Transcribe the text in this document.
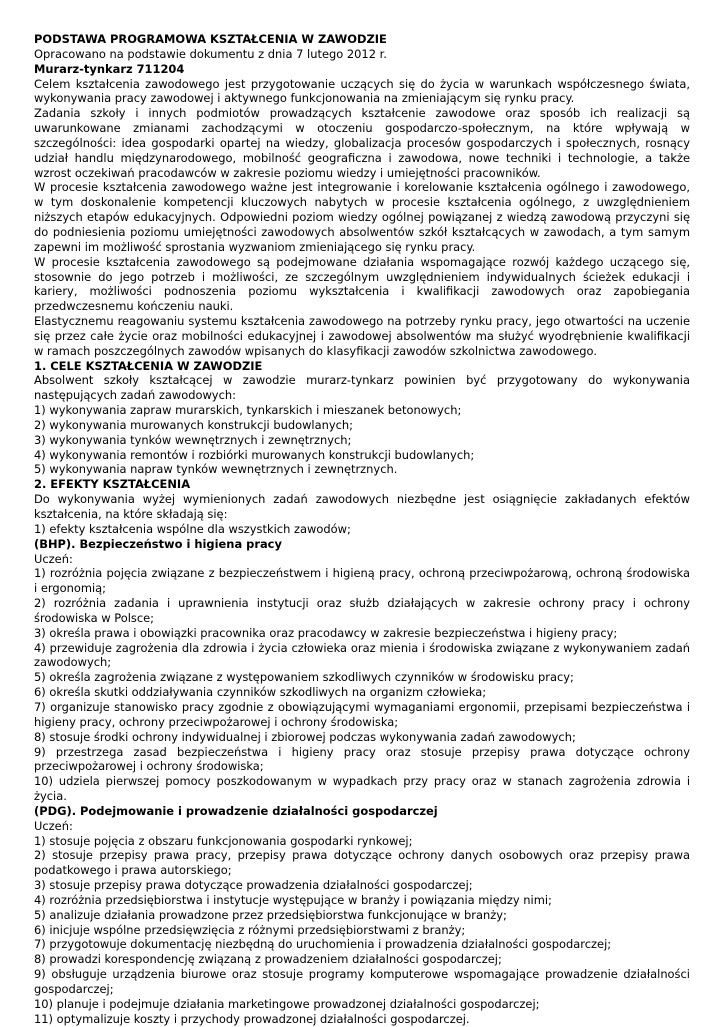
PODSTAWA PROGRAMOWA KSZTAŁCENIA W ZAWODZIE

Opracowano na podstawie dokumentu z dnia 7 lutego 2012 r.

Murarz-tynkarz 711204

Celem kształcenia zawodowego jest przygotowanie uczących się do życia w warunkach współczesnego świata, wykonywania pracy zawodowej i aktywnego funkcjonowania na zmieniającym się rynku pracy.

Zadania szkoły i innych podmiotów prowadzących kształcenie zawodowe oraz sposób ich realizacji są uwarunkowane zmianami zachodzącymi w otoczeniu gospodarczo-społecznym, na które wpływają w szczególności: idea gospodarki opartej na wiedzy, globalizacja procesów gospodarczych i społecznych, rosnący udział handlu międzynarodowego, mobilność geograficzna i zawodowa, nowe techniki i technologie, a także wzrost oczekiwań pracodawców w zakresie poziomu wiedzy i umiejętności pracowników.

W procesie kształcenia zawodowego ważne jest integrowanie i korelowanie kształcenia ogólnego i zawodowego, w tym doskonalenie kompetencji kluczowych nabytych w procesie kształcenia ogólnego, z uwzględnieniem niższych etapów edukacyjnych. Odpowiedni poziom wiedzy ogólnej powiązanej z wiedzą zawodową przyczyni się do podniesienia poziomu umiejętności zawodowych absolwentów szkół kształcących w zawodach, a tym samym zapewni im możliwość sprostania wyzwaniom zmieniającego się rynku pracy.

W procesie kształcenia zawodowego są podejmowane działania wspomagające rozwój każdego uczącego się, stosownie do jego potrzeb i możliwości, ze szczególnym uwzględnieniem indywidualnych ścieżek edukacji i kariery, możliwości podnoszenia poziomu wykształcenia i kwalifikacji zawodowych oraz zapobiegania przedwczesnemu kończeniu nauki.

Elastycznemu reagowaniu systemu kształcenia zawodowego na potrzeby rynku pracy, jego otwartości na uczenie się przez całe życie oraz mobilności edukacyjnej i zawodowej absolwentów ma służyć wyodrębnienie kwalifikacji w ramach poszczególnych zawodów wpisanych do klasyfikacji zawodów szkolnictwa zawodowego.

1. CELE KSZTAŁCENIA W ZAWODZIE

Absolwent szkoły kształcącej w zawodzie murarz-tynkarz powinien być przygotowany do wykonywania następujących zadań zawodowych:

1) wykonywania zapraw murarskich, tynkarskich i mieszanek betonowych;

2) wykonywania murowanych konstrukcji budowlanych;

3) wykonywania tynków wewnętrznych i zewnętrznych;

4) wykonywania remontów i rozbiórki murowanych konstrukcji budowlanych;

5) wykonywania napraw tynków wewnętrznych i zewnętrznych.

2. EFEKTY KSZTAŁCENIA

Do wykonywania wyżej wymienionych zadań zawodowych niezbędne jest osiągnięcie zakładanych efektów kształcenia, na które składają się:

1) efekty kształcenia wspólne dla wszystkich zawodów;

(BHP). Bezpieczeństwo i higiena pracy

Uczeń:

1) rozróżnia pojęcia związane z bezpieczeństwem i higieną pracy, ochroną przeciwpożarową, ochroną środowiska i ergonomią;

2) rozróżnia zadania i uprawnienia instytucji oraz służb działających w zakresie ochrony pracy i ochrony środowiska w Polsce;

3) określa prawa i obowiązki pracownika oraz pracodawcy w zakresie bezpieczeństwa i higieny pracy;

4) przewiduje zagrożenia dla zdrowia i życia człowieka oraz mienia i środowiska związane z wykonywaniem zadań zawodowych;

5) określa zagrożenia związane z występowaniem szkodliwych czynników w środowisku pracy;

6) określa skutki oddziaływania czynników szkodliwych na organizm człowieka;

7) organizuje stanowisko pracy zgodnie z obowiązującymi wymaganiami ergonomii, przepisami bezpieczeństwa i higieny pracy, ochrony przeciwpożarowej i ochrony środowiska;

8) stosuje środki ochrony indywidualnej i zbiorowej podczas wykonywania zadań zawodowych;

9) przestrzega zasad bezpieczeństwa i higieny pracy oraz stosuje przepisy prawa dotyczące ochrony przeciwpożarowej i ochrony środowiska;

10) udziela pierwszej pomocy poszkodowanym w wypadkach przy pracy oraz w stanach zagrożenia zdrowia i życia.

(PDG). Podejmowanie i prowadzenie działalności gospodarczej

Uczeń:

1) stosuje pojęcia z obszaru funkcjonowania gospodarki rynkowej;

2) stosuje przepisy prawa pracy, przepisy prawa dotyczące ochrony danych osobowych oraz przepisy prawa podatkowego i prawa autorskiego;

3) stosuje przepisy prawa dotyczące prowadzenia działalności gospodarczej;

4) rozróżnia przedsiębiorstwa i instytucje występujące w branży i powiązania między nimi;

5) analizuje działania prowadzone przez przedsiębiorstwa funkcjonujące w branży;

6) inicjuje wspólne przedsięwzięcia z różnymi przedsiębiorstwami z branży;

7) przygotowuje dokumentację niezbędną do uruchomienia i prowadzenia działalności gospodarczej;

8) prowadzi korespondencję związaną z prowadzeniem działalności gospodarczej;

9) obsługuje urządzenia biurowe oraz stosuje programy komputerowe wspomagające prowadzenie działalności gospodarczej;

10) planuje i podejmuje działania marketingowe prowadzonej działalności gospodarczej;

11) optymalizuje koszty i przychody prowadzonej działalności gospodarczej.
